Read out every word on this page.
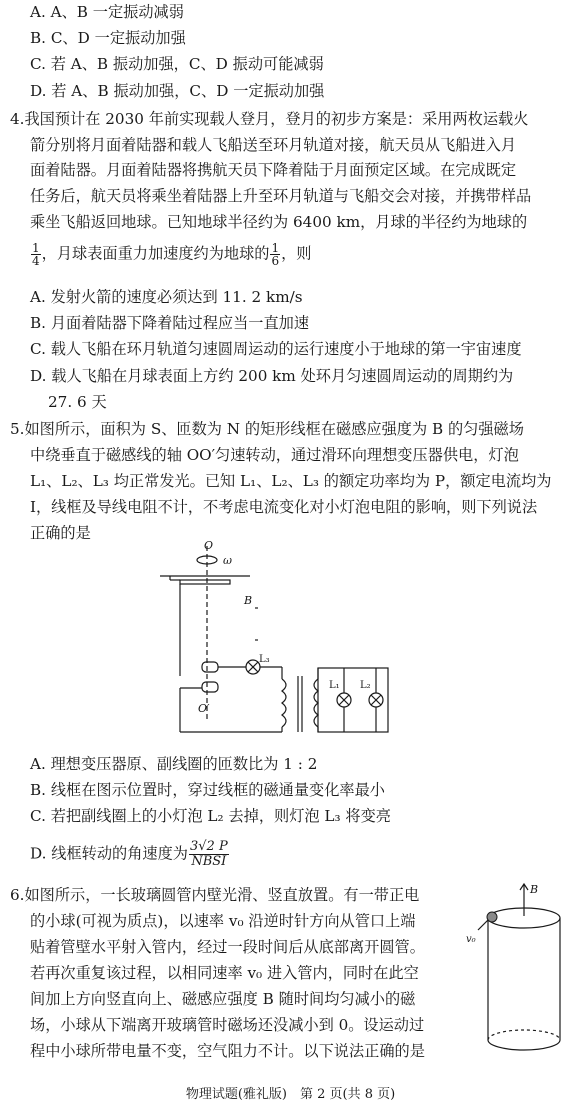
A. A、B 一定振动减弱
B. C、D 一定振动加强
C. 若 A、B 振动加强，C、D 振动可能减弱
D. 若 A、B 振动加强，C、D 一定振动加强
4.我国预计在 2030 年前实现载人登月，登月的初步方案是：采用两枚运载火
箭分别将月面着陆器和载人飞船送至环月轨道对接，航天员从飞船进入月
面着陆器。月面着陆器将携航天员下降着陆于月面预定区域。在完成既定
任务后，航天员将乘坐着陆器上升至环月轨道与飞船交会对接，并携带样品
乘坐飞船返回地球。已知地球半径约为 6400 km，月球的半径约为地球的
$\frac{1}{4}$ ，月球表面重力加速度约为地球的 $\frac{1}{6}$ ，则
A. 发射火箭的速度必须达到 11. 2 km/s
B. 月面着陆器下降着陆过程应当一直加速
C. 载人飞船在环月轨道匀速圆周运动的运行速度小于地球的第一宇宙速度
D. 载人飞船在月球表面上方约 200 km 处环月匀速圆周运动的周期约为
27. 6 天
5.如图所示，面积为 S、匝数为 N 的矩形线框在磁感应强度为 B 的匀强磁场
中绕垂直于磁感线的轴 OO′匀速转动，通过滑环向理想变压器供电，灯泡
L₁、L₂、L₃ 均正常发光。已知 L₁、L₂、L₃ 的额定功率均为 P，额定电流均为
I，线框及导线电阻不计，不考虑电流变化对小灯泡电阻的影响，则下列说法
正确的是
O
ω
B
O′
L₃
L₁ L₂
A. 理想变压器原、副线圈的匝数比为 1 : 2
B. 线框在图示位置时，穿过线框的磁通量变化率最小
C. 若把副线圈上的小灯泡 L₂ 去掉，则灯泡 L₃ 将变亮
D. 线框转动的角速度为 $\frac{3√2 P}{\text{NBSI}}$
6.如图所示，一长玻璃圆管内壁光滑、竖直放置。有一带正电
的小球(可视为质点)，以速率 v₀ 沿逆时针方向从管口上端
贴着管壁水平射入管内，经过一段时间后从底部离开圆管。
若再次重复该过程，以相同速率 v₀ 进入管内，同时在此空
间加上方向竖直向上、磁感应强度 B 随时间均匀减小的磁
场，小球从下端离开玻璃管时磁场还没减小到 0。设运动过
程中小球所带电量不变，空气阻力不计。以下说法正确的是
B
v₀
物理试题(雅礼版)　第 2 页(共 8 页)
